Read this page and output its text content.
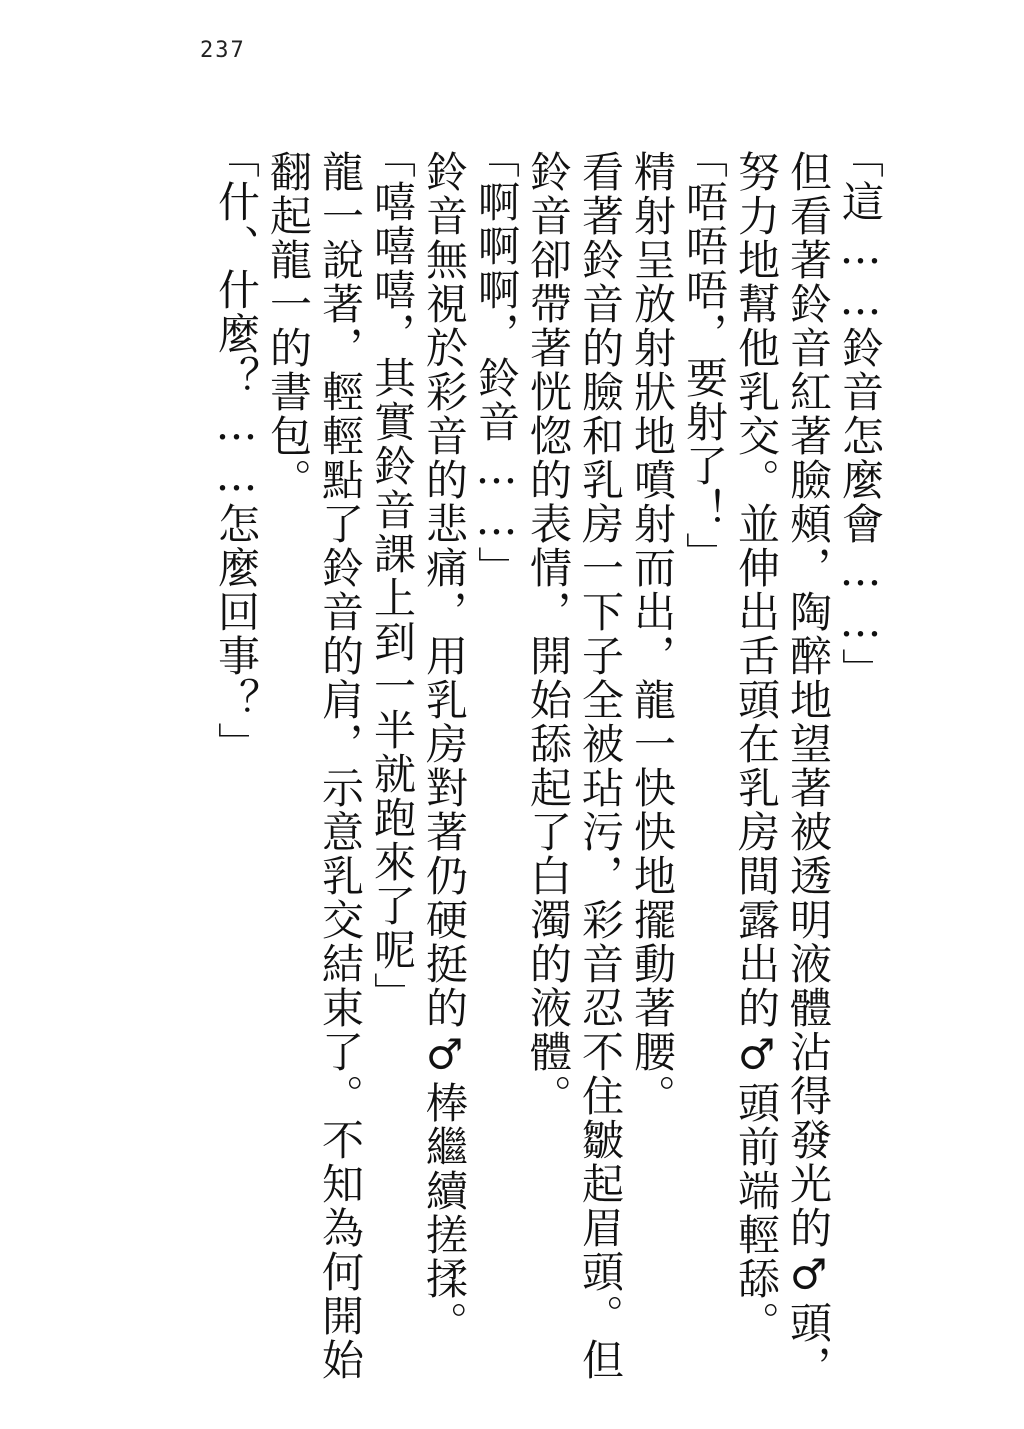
237

「這……鈴音怎麼會……」

但看著鈴音紅著臉頰，陶醉地望著被透明液體沾得發光的♂頭，

努力地幫他乳交。並伸出舌頭在乳房間露出的♂頭前端輕舔。

「唔唔唔，要射了！」

精射呈放射狀地噴射而出，龍一快快地擺動著腰。

看著鈴音的臉和乳房一下子全被玷污，彩音忍不住皺起眉頭。但

鈴音卻帶著恍惚的表情，開始舔起了白濁的液體。

「啊啊啊，鈴音……」

鈴音無視於彩音的悲痛，用乳房對著仍硬挺的♂棒繼續搓揉。

「嘻嘻嘻，其實鈴音課上到一半就跑來了呢」

龍一說著，輕輕點了鈴音的肩，示意乳交結束了。不知為何開始

翻起龍一的書包。

「什、什麼？……怎麼回事？」
